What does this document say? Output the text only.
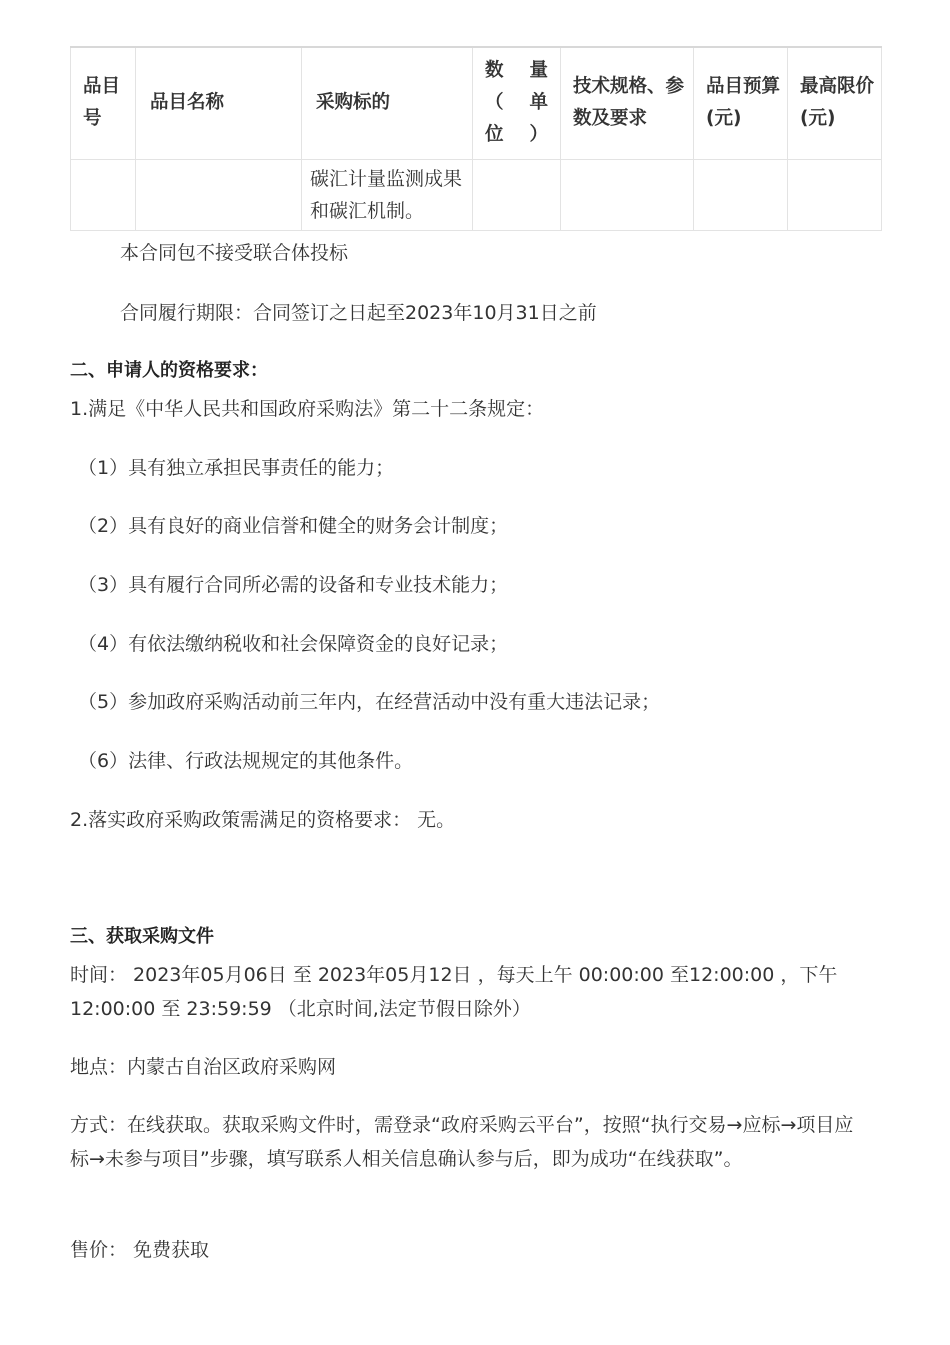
品目号	品目名称	采购标的	数量（单位）	技术规格、参数及要求	品目预算(元)	最高限价(元)
		碳汇计量监测成果和碳汇机制。				

本合同包不接受联合体投标

合同履行期限：合同签订之日起至2023年10月31日之前

二、申请人的资格要求：

1.满足《中华人民共和国政府采购法》第二十二条规定：

（1）具有独立承担民事责任的能力；

（2）具有良好的商业信誉和健全的财务会计制度；

（3）具有履行合同所必需的设备和专业技术能力；

（4）有依法缴纳税收和社会保障资金的良好记录；

（5）参加政府采购活动前三年内，在经营活动中没有重大违法记录；

（6）法律、行政法规规定的其他条件。

2.落实政府采购政策需满足的资格要求： 无。

三、获取采购文件

时间： 2023年05月06日 至 2023年05月12日 ，每天上午 00:00:00 至12:00:00 ，下午 12:00:00 至 23:59:59 （北京时间,法定节假日除外）

地点：内蒙古自治区政府采购网

方式：在线获取。获取采购文件时，需登录“政府采购云平台”，按照“执行交易→应标→项目应标→未参与项目”步骤，填写联系人相关信息确认参与后，即为成功“在线获取”。

售价： 免费获取
